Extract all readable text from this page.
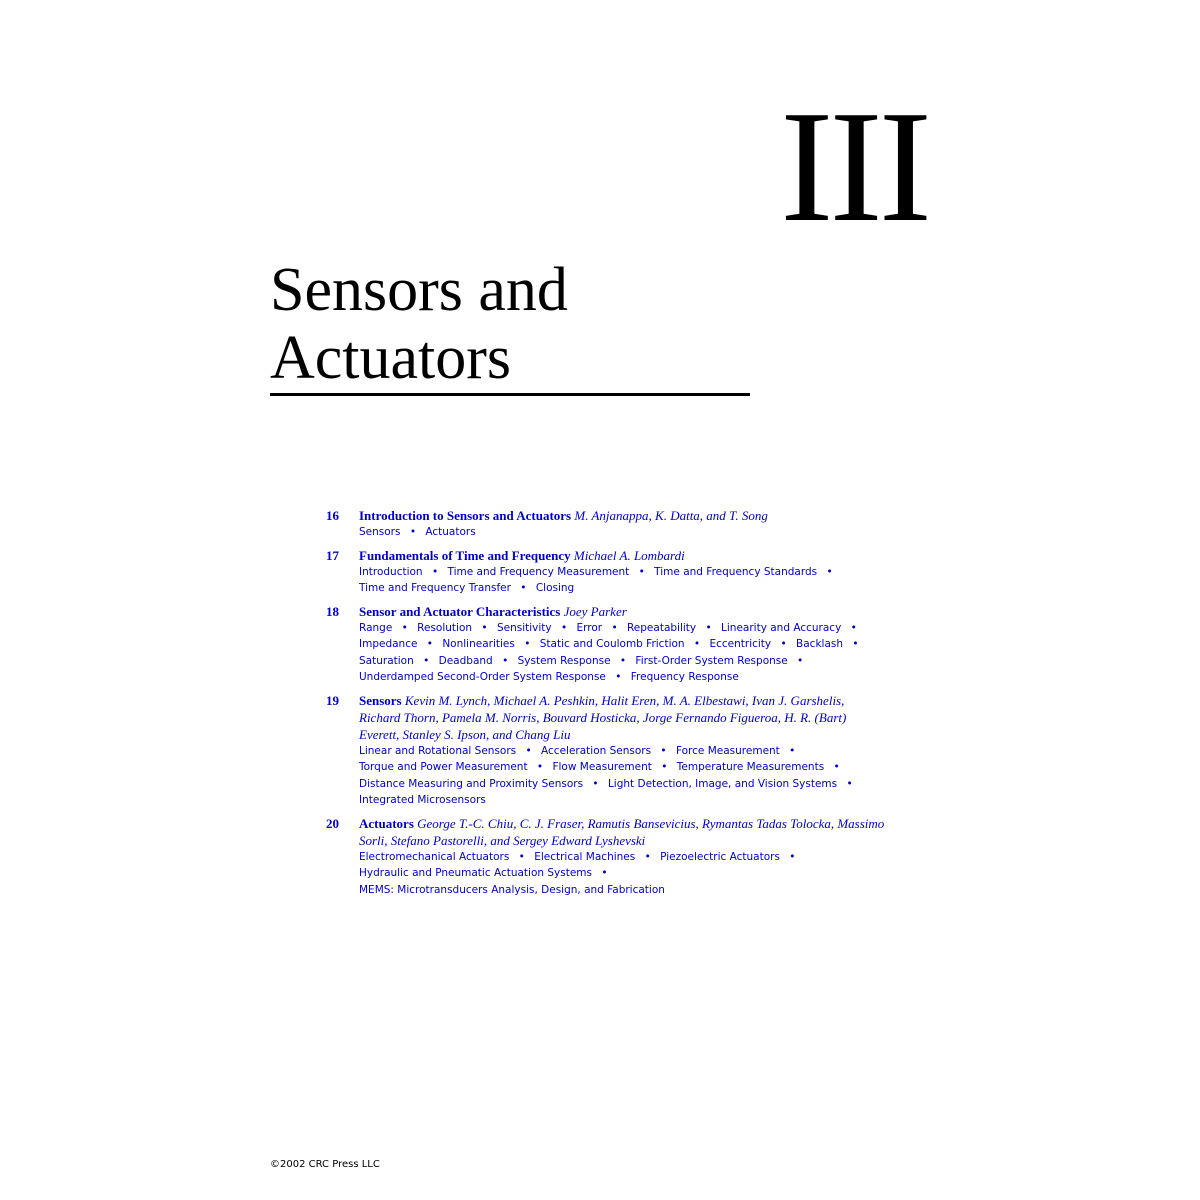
III
Sensors and Actuators
16	Introduction to Sensors and Actuators M. Anjanappa, K. Datta, and T. Song
Sensors • Actuators
17	Fundamentals of Time and Frequency Michael A. Lombardi
Introduction • Time and Frequency Measurement • Time and Frequency Standards • Time and Frequency Transfer • Closing
18	Sensor and Actuator Characteristics Joey Parker
Range • Resolution • Sensitivity • Error • Repeatability • Linearity and Accuracy • Impedance • Nonlinearities • Static and Coulomb Friction • Eccentricity • Backlash • Saturation • Deadband • System Response • First-Order System Response • Underdamped Second-Order System Response • Frequency Response
19	Sensors Kevin M. Lynch, Michael A. Peshkin, Halit Eren, M. A. Elbestawi, Ivan J. Garshelis, Richard Thorn, Pamela M. Norris, Bouvard Hosticka, Jorge Fernando Figueroa, H. R. (Bart) Everett, Stanley S. Ipson, and Chang Liu
Linear and Rotational Sensors • Acceleration Sensors • Force Measurement • Torque and Power Measurement • Flow Measurement • Temperature Measurements • Distance Measuring and Proximity Sensors • Light Detection, Image, and Vision Systems • Integrated Microsensors
20	Actuators George T.-C. Chiu, C. J. Fraser, Ramutis Bansevicius, Rymantas Tadas Tolocka, Massimo Sorli, Stefano Pastorelli, and Sergey Edward Lyshevski
Electromechanical Actuators • Electrical Machines • Piezoelectric Actuators • Hydraulic and Pneumatic Actuation Systems • MEMS: Microtransducers Analysis, Design, and Fabrication
©2002 CRC Press LLC
